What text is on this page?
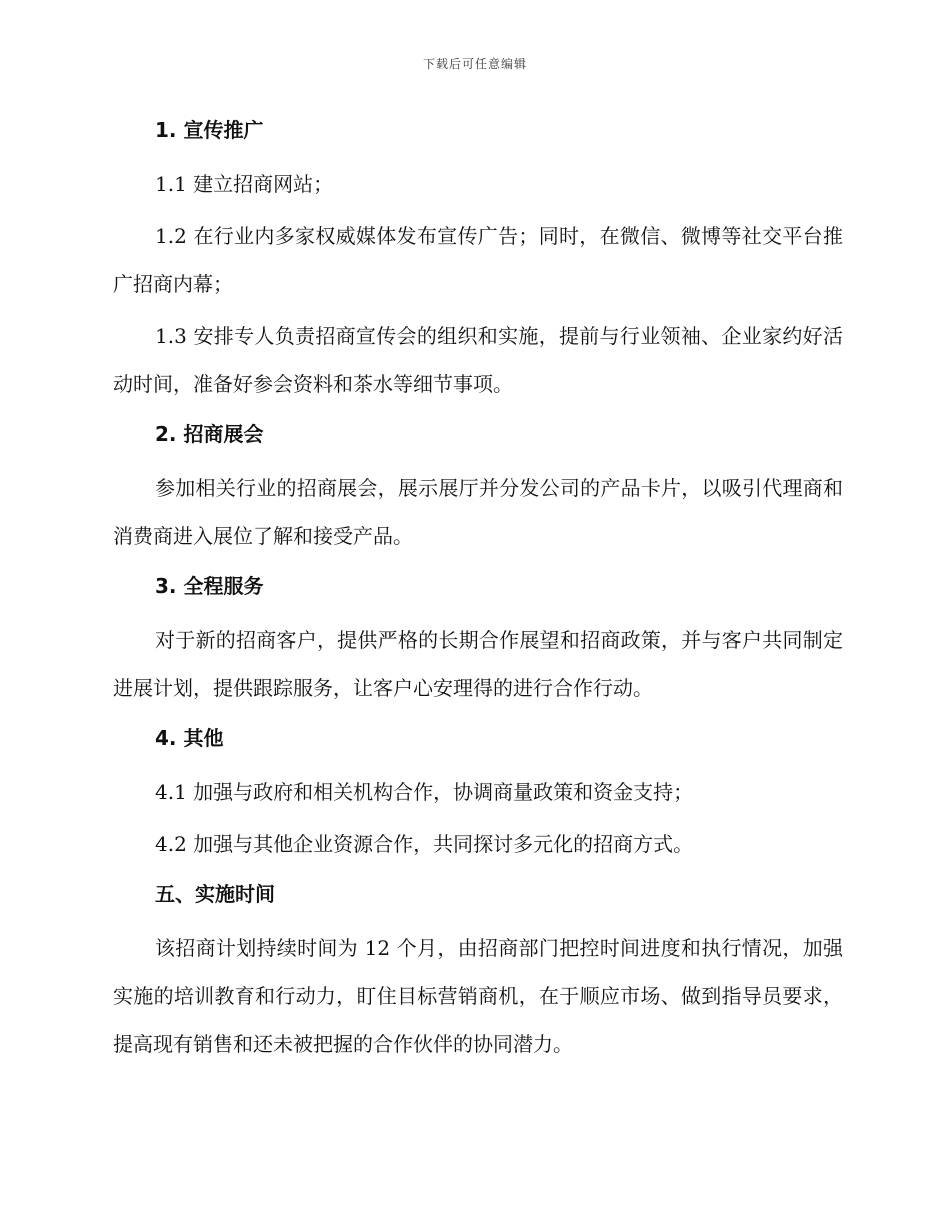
下载后可任意编辑
1. 宣传推广
1.1 建立招商网站；
1.2 在行业内多家权威媒体发布宣传广告；同时，在微信、微博等社交平台推广招商内幕；
1.3 安排专人负责招商宣传会的组织和实施，提前与行业领袖、企业家约好活动时间，准备好参会资料和茶水等细节事项。
2. 招商展会
参加相关行业的招商展会，展示展厅并分发公司的产品卡片，以吸引代理商和消费商进入展位了解和接受产品。
3. 全程服务
对于新的招商客户，提供严格的长期合作展望和招商政策，并与客户共同制定进展计划，提供跟踪服务，让客户心安理得的进行合作行动。
4. 其他
4.1 加强与政府和相关机构合作，协调商量政策和资金支持；
4.2 加强与其他企业资源合作，共同探讨多元化的招商方式。
五、实施时间
该招商计划持续时间为 12 个月，由招商部门把控时间进度和执行情况，加强实施的培训教育和行动力，盯住目标营销商机，在于顺应市场、做到指导员要求，提高现有销售和还未被把握的合作伙伴的协同潜力。
